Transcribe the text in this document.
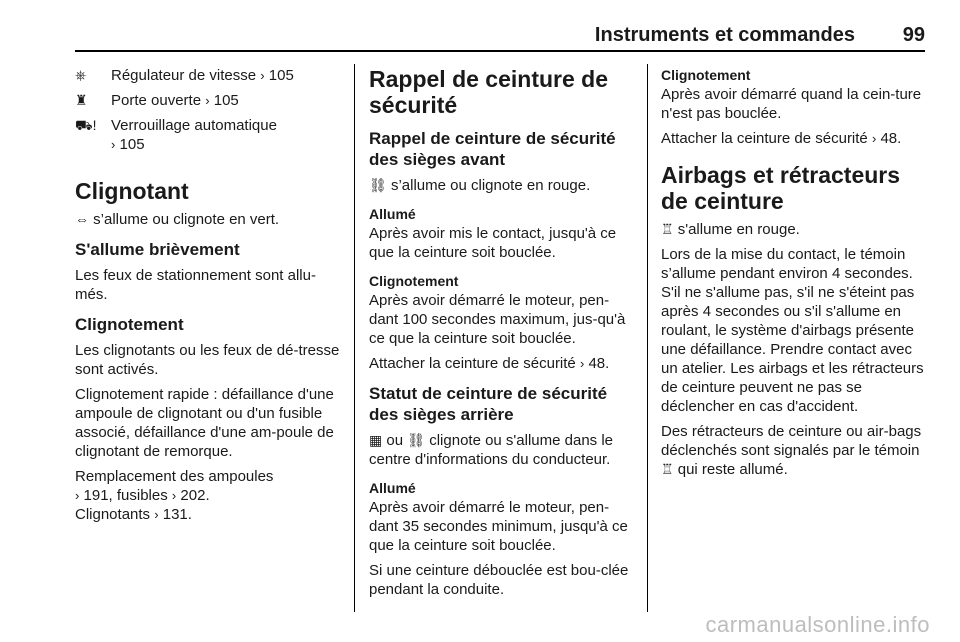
Instruments et commandes 99
⎈	Régulateur de vitesse › 105
♜	Porte ouverte › 105
⛟! Verrouillage automatique
› 105
Clignotant

⇔ s’allume ou clignote en vert.

S'allume brièvement

Les feux de stationnement sont allu-més.

Clignotement

Les clignotants ou les feux de dé-tresse sont activés.

Clignotement rapide : défaillance d'une ampoule de clignotant ou d'un fusible associé, défaillance d'une am-poule de clignotant de remorque.

Remplacement des ampoules
› 191, fusibles › 202.

Clignotants › 131.

Rappel de ceinture de sécurité
Rappel de ceinture de sécurité des sièges avant

⛓ s’allume ou clignote en rouge.

Allumé

Après avoir mis le contact, jusqu'à ce que la ceinture soit bouclée.

Clignotement

Après avoir démarré le moteur, pen-dant 100 secondes maximum, jus-qu'à ce que la ceinture soit bouclée.

Attacher la ceinture de sécurité › 48.

Statut de ceinture de sécurité des sièges arrière

▦ ou ⛓ clignote ou s'allume dans le centre d'informations du conducteur.

Allumé

Après avoir démarré le moteur, pen-dant 35 secondes minimum, jusqu'à ce que la ceinture soit bouclée.

Si une ceinture débouclée est bou-clée pendant la conduite.

Clignotement

Après avoir démarré quand la cein-ture n'est pas bouclée.

Attacher la ceinture de sécurité › 48.

Airbags et rétracteurs de ceinture

♖ s'allume en rouge.

Lors de la mise du contact, le témoin s’allume pendant environ 4 secondes. S'il ne s'allume pas, s'il ne s'éteint pas après 4 secondes ou s'il s'allume en roulant, le système d'airbags présente une défaillance. Prendre contact avec un atelier. Les airbags et les rétracteurs de ceinture peuvent ne pas se déclencher en cas d'accident.

Des rétracteurs de ceinture ou air-bags déclenchés sont signalés par le témoin ♖ qui reste allumé.

carmanualsonline.info
